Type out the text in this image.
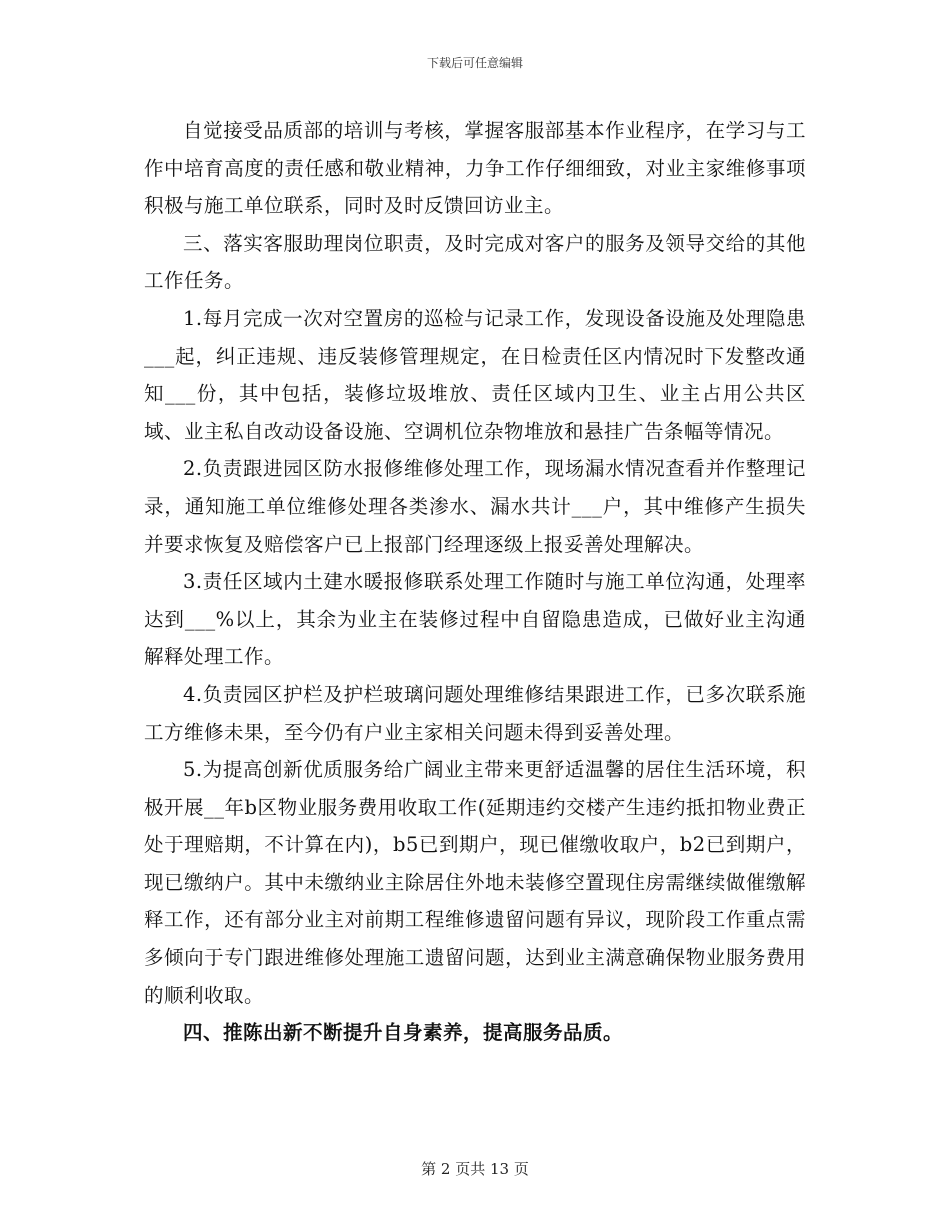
下载后可任意编辑

自觉接受品质部的培训与考核，掌握客服部基本作业程序，在学习与工作中培育高度的责任感和敬业精神，力争工作仔细细致，对业主家维修事项积极与施工单位联系，同时及时反馈回访业主。

三、落实客服助理岗位职责，及时完成对客户的服务及领导交给的其他工作任务。

1.每月完成一次对空置房的巡检与记录工作，发现设备设施及处理隐患___起，纠正违规、违反装修管理规定，在日检责任区内情况时下发整改通知___份，其中包括，装修垃圾堆放、责任区域内卫生、业主占用公共区域、业主私自改动设备设施、空调机位杂物堆放和悬挂广告条幅等情况。

2.负责跟进园区防水报修维修处理工作，现场漏水情况查看并作整理记录，通知施工单位维修处理各类渗水、漏水共计___户，其中维修产生损失并要求恢复及赔偿客户已上报部门经理逐级上报妥善处理解决。

3.责任区域内土建水暖报修联系处理工作随时与施工单位沟通，处理率达到___%以上，其余为业主在装修过程中自留隐患造成，已做好业主沟通解释处理工作。

4.负责园区护栏及护栏玻璃问题处理维修结果跟进工作，已多次联系施工方维修未果，至今仍有户业主家相关问题未得到妥善处理。

5.为提高创新优质服务给广阔业主带来更舒适温馨的居住生活环境，积极开展__年b区物业服务费用收取工作(延期违约交楼产生违约抵扣物业费正处于理赔期，不计算在内)，b5已到期户，现已催缴收取户，b2已到期户，现已缴纳户。其中未缴纳业主除居住外地未装修空置现住房需继续做催缴解释工作，还有部分业主对前期工程维修遗留问题有异议，现阶段工作重点需多倾向于专门跟进维修处理施工遗留问题，达到业主满意确保物业服务费用的顺利收取。

四、推陈出新不断提升自身素养，提高服务品质。

第 2 页共 13 页
